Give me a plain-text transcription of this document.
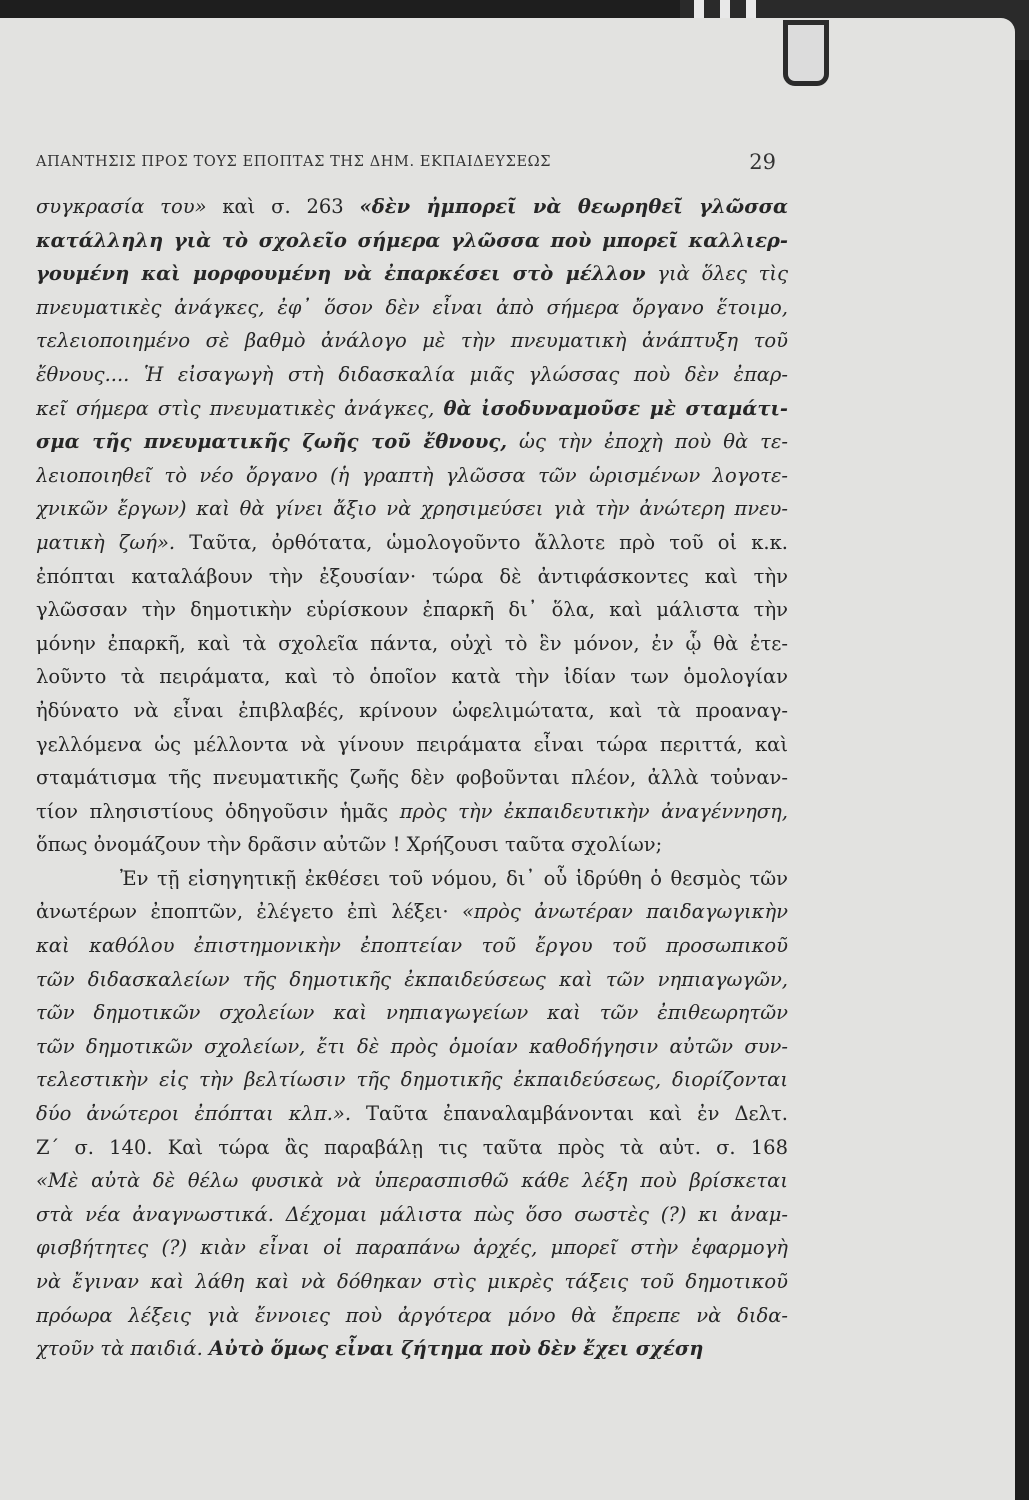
ΑΠΑΝΤΗΣΙΣ ΠΡΟΣ ΤΟΥΣ ΕΠΟΠΤΑΣ ΤΗΣ ΔΗΜ. ΕΚΠΑΙΔΕΥΣΕΩΣ	29
συγκρασία του» καὶ σ. 263 «δὲν ἠμπορεῖ νὰ θεωρηθεῖ γλῶσσα
κατάλληλη γιὰ τὸ σχολεῖο σήμερα γλῶσσα ποὺ μπορεῖ καλλιερ-
γουμένη καὶ μορφουμένη νὰ ἐπαρκέσει στὸ μέλλον γιὰ ὅλες τὶς
πνευματικὲς ἀνάγκες, ἐφ᾽ ὅσον δὲν εἶναι ἀπὸ σήμερα ὄργανο ἕτοιμο,
τελειοποιημένο σὲ βαθμὸ ἀνάλογο μὲ τὴν πνευματικὴ ἀνάπτυξη τοῦ
ἔθνους.... Ἡ εἰσαγωγὴ στὴ διδασκαλία μιᾶς γλώσσας ποὺ δὲν ἐπαρ-
κεῖ σήμερα στὶς πνευματικὲς ἀνάγκες, θὰ ἰσοδυναμοῦσε μὲ σταμάτι-
σμα τῆς πνευματικῆς ζωῆς τοῦ ἔθνους, ὡς τὴν ἐποχὴ ποὺ θὰ τε-
λειοποιηθεῖ τὸ νέο ὄργανο (ἡ γραπτὴ γλῶσσα τῶν ὡρισμένων λογοτε-
χνικῶν ἔργων) καὶ θὰ γίνει ἄξιο νὰ χρησιμεύσει γιὰ τὴν ἀνώτερη πνευ-
ματικὴ ζωή». Ταῦτα, ὀρθότατα, ὡμολογοῦντο ἄλλοτε πρὸ τοῦ οἱ κ.κ.
ἐπόπται καταλάβουν τὴν ἐξουσίαν· τώρα δὲ ἀντιφάσκοντες καὶ τὴν
γλῶσσαν τὴν δημοτικὴν εὑρίσκουν ἐπαρκῆ δι᾽ ὅλα, καὶ μάλιστα τὴν
μόνην ἐπαρκῆ, καὶ τὰ σχολεῖα πάντα, οὐχὶ τὸ ἓν μόνον, ἐν ᾧ θὰ ἐτε-
λοῦντο τὰ πειράματα, καὶ τὸ ὁποῖον κατὰ τὴν ἰδίαν των ὁμολογίαν
ἠδύνατο νὰ εἶναι ἐπιβλαβές, κρίνουν ὠφελιμώτατα, καὶ τὰ προαναγ-
γελλόμενα ὡς μέλλοντα νὰ γίνουν πειράματα εἶναι τώρα περιττά, καὶ
σταμάτισμα τῆς πνευματικῆς ζωῆς δὲν φοβοῦνται πλέον, ἀλλὰ τοὐναν-
τίον πλησιστίους ὁδηγοῦσιν ἡμᾶς πρὸς τὴν ἐκπαιδευτικὴν ἀναγέννηση,
ὅπως ὀνομάζουν τὴν δρᾶσιν αὐτῶν ! Χρήζουσι ταῦτα σχολίων;
Ἐν τῇ εἰσηγητικῇ ἐκθέσει τοῦ νόμου, δι᾽ οὗ ἱδρύθη ὁ θεσμὸς τῶν
ἀνωτέρων ἐποπτῶν, ἐλέγετο ἐπὶ λέξει· «πρὸς ἀνωτέραν παιδαγωγικὴν
καὶ καθόλου ἐπιστημονικὴν ἐποπτείαν τοῦ ἔργου τοῦ προσωπικοῦ
τῶν διδασκαλείων τῆς δημοτικῆς ἐκπαιδεύσεως καὶ τῶν νηπιαγωγῶν,
τῶν δημοτικῶν σχολείων καὶ νηπιαγωγείων καὶ τῶν ἐπιθεωρητῶν
τῶν δημοτικῶν σχολείων, ἔτι δὲ πρὸς ὁμοίαν καθοδήγησιν αὐτῶν συν-
τελεστικὴν εἰς τὴν βελτίωσιν τῆς δημοτικῆς ἐκπαιδεύσεως, διορίζονται
δύο ἀνώτεροι ἐπόπται κλπ.». Ταῦτα ἐπαναλαμβάνονται καὶ ἐν Δελτ.
Ζ΄ σ. 140. Καὶ τώρα ἂς παραβάλῃ τις ταῦτα πρὸς τὰ αὐτ. σ. 168
«Μὲ αὐτὰ δὲ θέλω φυσικὰ νὰ ὑπερασπισθῶ κάθε λέξη ποὺ βρίσκεται
στὰ νέα ἀναγνωστικά. Δέχομαι μάλιστα πὼς ὅσο σωστὲς (?) κι ἀναμ-
φισβήτητες (?) κιὰν εἶναι οἱ παραπάνω ἀρχές, μπορεῖ στὴν ἐφαρμογὴ
νὰ ἔγιναν καὶ λάθη καὶ νὰ δόθηκαν στὶς μικρὲς τάξεις τοῦ δημοτικοῦ
πρόωρα λέξεις γιὰ ἔννοιες ποὺ ἀργότερα μόνο θὰ ἔπρεπε νὰ διδα-
χτοῦν τὰ παιδιά. Αὐτὸ ὅμως εἶναι ζήτημα ποὺ δὲν ἔχει σχέση
